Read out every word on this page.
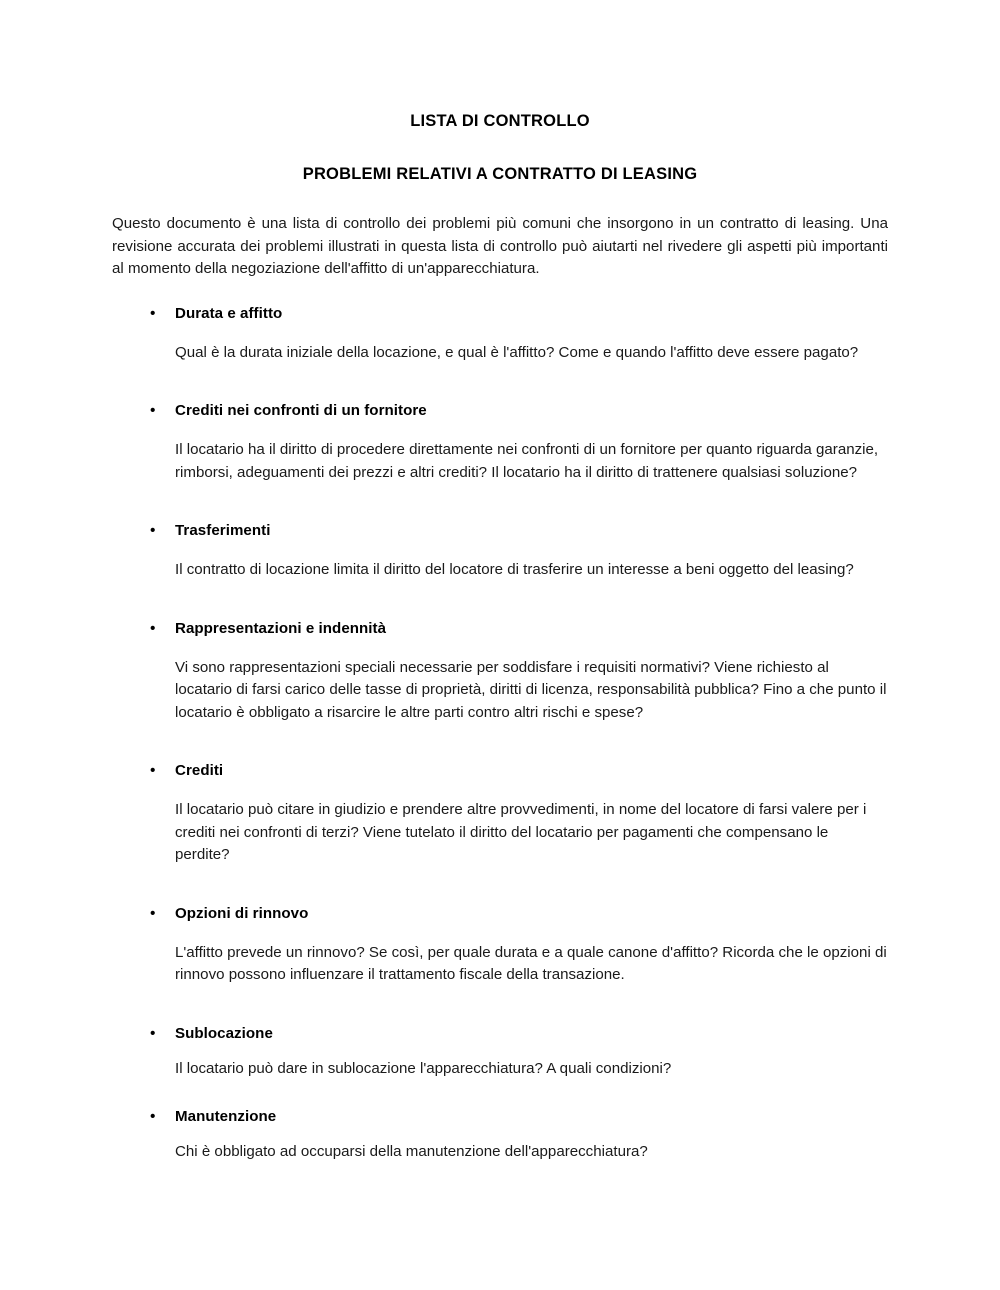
LISTA DI CONTROLLO
PROBLEMI RELATIVI A CONTRATTO DI LEASING

Questo documento è una lista di controllo dei problemi più comuni che insorgono in un contratto di leasing. Una revisione accurata dei problemi illustrati in questa lista di controllo può aiutarti nel rivedere gli aspetti più importanti al momento della negoziazione dell'affitto di un'apparecchiatura.

• Durata e affitto
Qual è la durata iniziale della locazione, e qual è l'affitto? Come e quando l'affitto deve essere pagato?
• Crediti nei confronti di un fornitore
Il locatario ha il diritto di procedere direttamente nei confronti di un fornitore per quanto riguarda garanzie, rimborsi, adeguamenti dei prezzi e altri crediti? Il locatario ha il diritto di trattenere qualsiasi soluzione?
• Trasferimenti
Il contratto di locazione limita il diritto del locatore di trasferire un interesse a beni oggetto del leasing?
• Rappresentazioni e indennità
Vi sono rappresentazioni speciali necessarie per soddisfare i requisiti normativi? Viene richiesto al locatario di farsi carico delle tasse di proprietà, diritti di licenza, responsabilità pubblica? Fino a che punto il locatario è obbligato a risarcire le altre parti contro altri rischi e spese?
• Crediti
Il locatario può citare in giudizio e prendere altre provvedimenti, in nome del locatore di farsi valere per i crediti nei confronti di terzi? Viene tutelato il diritto del locatario per pagamenti che compensano le perdite?
• Opzioni di rinnovo
L'affitto prevede un rinnovo? Se così, per quale durata e a quale canone d'affitto? Ricorda che le opzioni di rinnovo possono influenzare il trattamento fiscale della transazione.
• Sublocazione
Il locatario può dare in sublocazione l'apparecchiatura? A quali condizioni?
• Manutenzione
Chi è obbligato ad occuparsi della manutenzione dell'apparecchiatura?
